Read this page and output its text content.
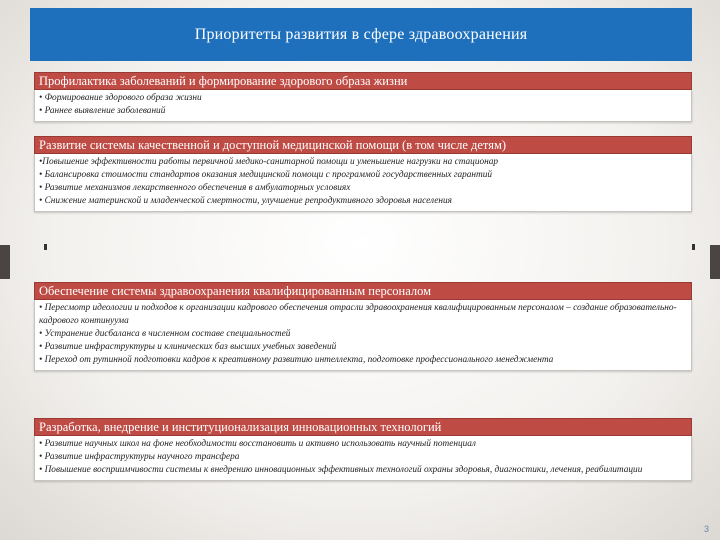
Приоритеты развития в сфере здравоохранения
Профилактика заболеваний и формирование здорового образа жизни

• Формирование здорового образа жизни

• Раннее выявление заболеваний

Развитие системы качественной и доступной медицинской помощи (в том числе детям)

•Повышение эффективности работы первичной медико-санитарной помощи и уменьшение нагрузки на стационар

• Балансировка стоимости стандартов оказания медицинской помощи с программой государственных гарантий

• Развитие механизмов лекарственного обеспечения в амбулаторных условиях

• Снижение материнской и младенческой смертности, улучшение репродуктивного здоровья населения

Обеспечение системы здравоохранения квалифицированным персоналом

• Пересмотр идеологии и подходов к организации кадрового обеспечения отрасли здравоохранения квалифицированным персоналом – создание образовательно-кадрового континуума

• Устранение дисбаланса в численном составе специальностей

• Развитие инфраструктуры и клинических баз высших учебных заведений

• Переход от рутинной подготовки кадров к креативному развитию интеллекта, подготовке профессионального менеджмента

Разработка, внедрение и институционализация инновационных технологий

• Развитие научных школ на фоне необходимости восстановить и активно использовать научный потенциал

• Развитие инфраструктуры научного трансфера

• Повышение восприимчивости системы к внедрению инновационных эффективных технологий охраны здоровья, диагностики, лечения, реабилитации

3
